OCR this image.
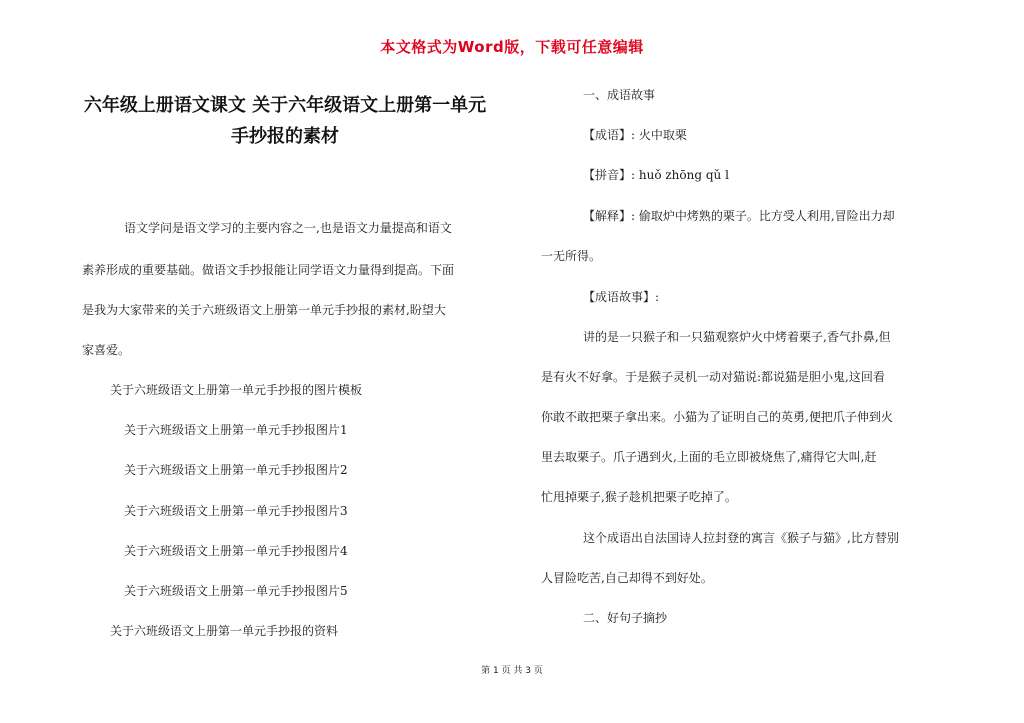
本文格式为Word版，下载可任意编辑
六年级上册语文课文 关于六年级语文上册第一单元
手抄报的素材
语文学问是语文学习的主要内容之一,也是语文力量提高和语文
素养形成的重要基础。做语文手抄报能让同学语文力量得到提高。下面
是我为大家带来的关于六班级语文上册第一单元手抄报的素材,盼望大
家喜爱。
关于六班级语文上册第一单元手抄报的图片模板
关于六班级语文上册第一单元手抄报图片1
关于六班级语文上册第一单元手抄报图片2
关于六班级语文上册第一单元手抄报图片3
关于六班级语文上册第一单元手抄报图片4
关于六班级语文上册第一单元手抄报图片5
关于六班级语文上册第一单元手抄报的资料
一、成语故事
【成语】: 火中取栗
【拼音】: huǒ zhōng qǔ l
【解释】: 偷取炉中烤熟的栗子。比方受人利用,冒险出力却
一无所得。
【成语故事】:
讲的是一只猴子和一只猫观察炉火中烤着栗子,香气扑鼻,但
是有火不好拿。于是猴子灵机一动对猫说:都说猫是胆小鬼,这回看
你敢不敢把栗子拿出来。小猫为了证明自己的英勇,便把爪子伸到火
里去取栗子。爪子遇到火,上面的毛立即被烧焦了,痛得它大叫,赶
忙甩掉栗子,猴子趁机把栗子吃掉了。
这个成语出自法国诗人拉封登的寓言《猴子与猫》,比方替别
人冒险吃苦,自己却得不到好处。
二、好句子摘抄
第 1 页 共 3 页
